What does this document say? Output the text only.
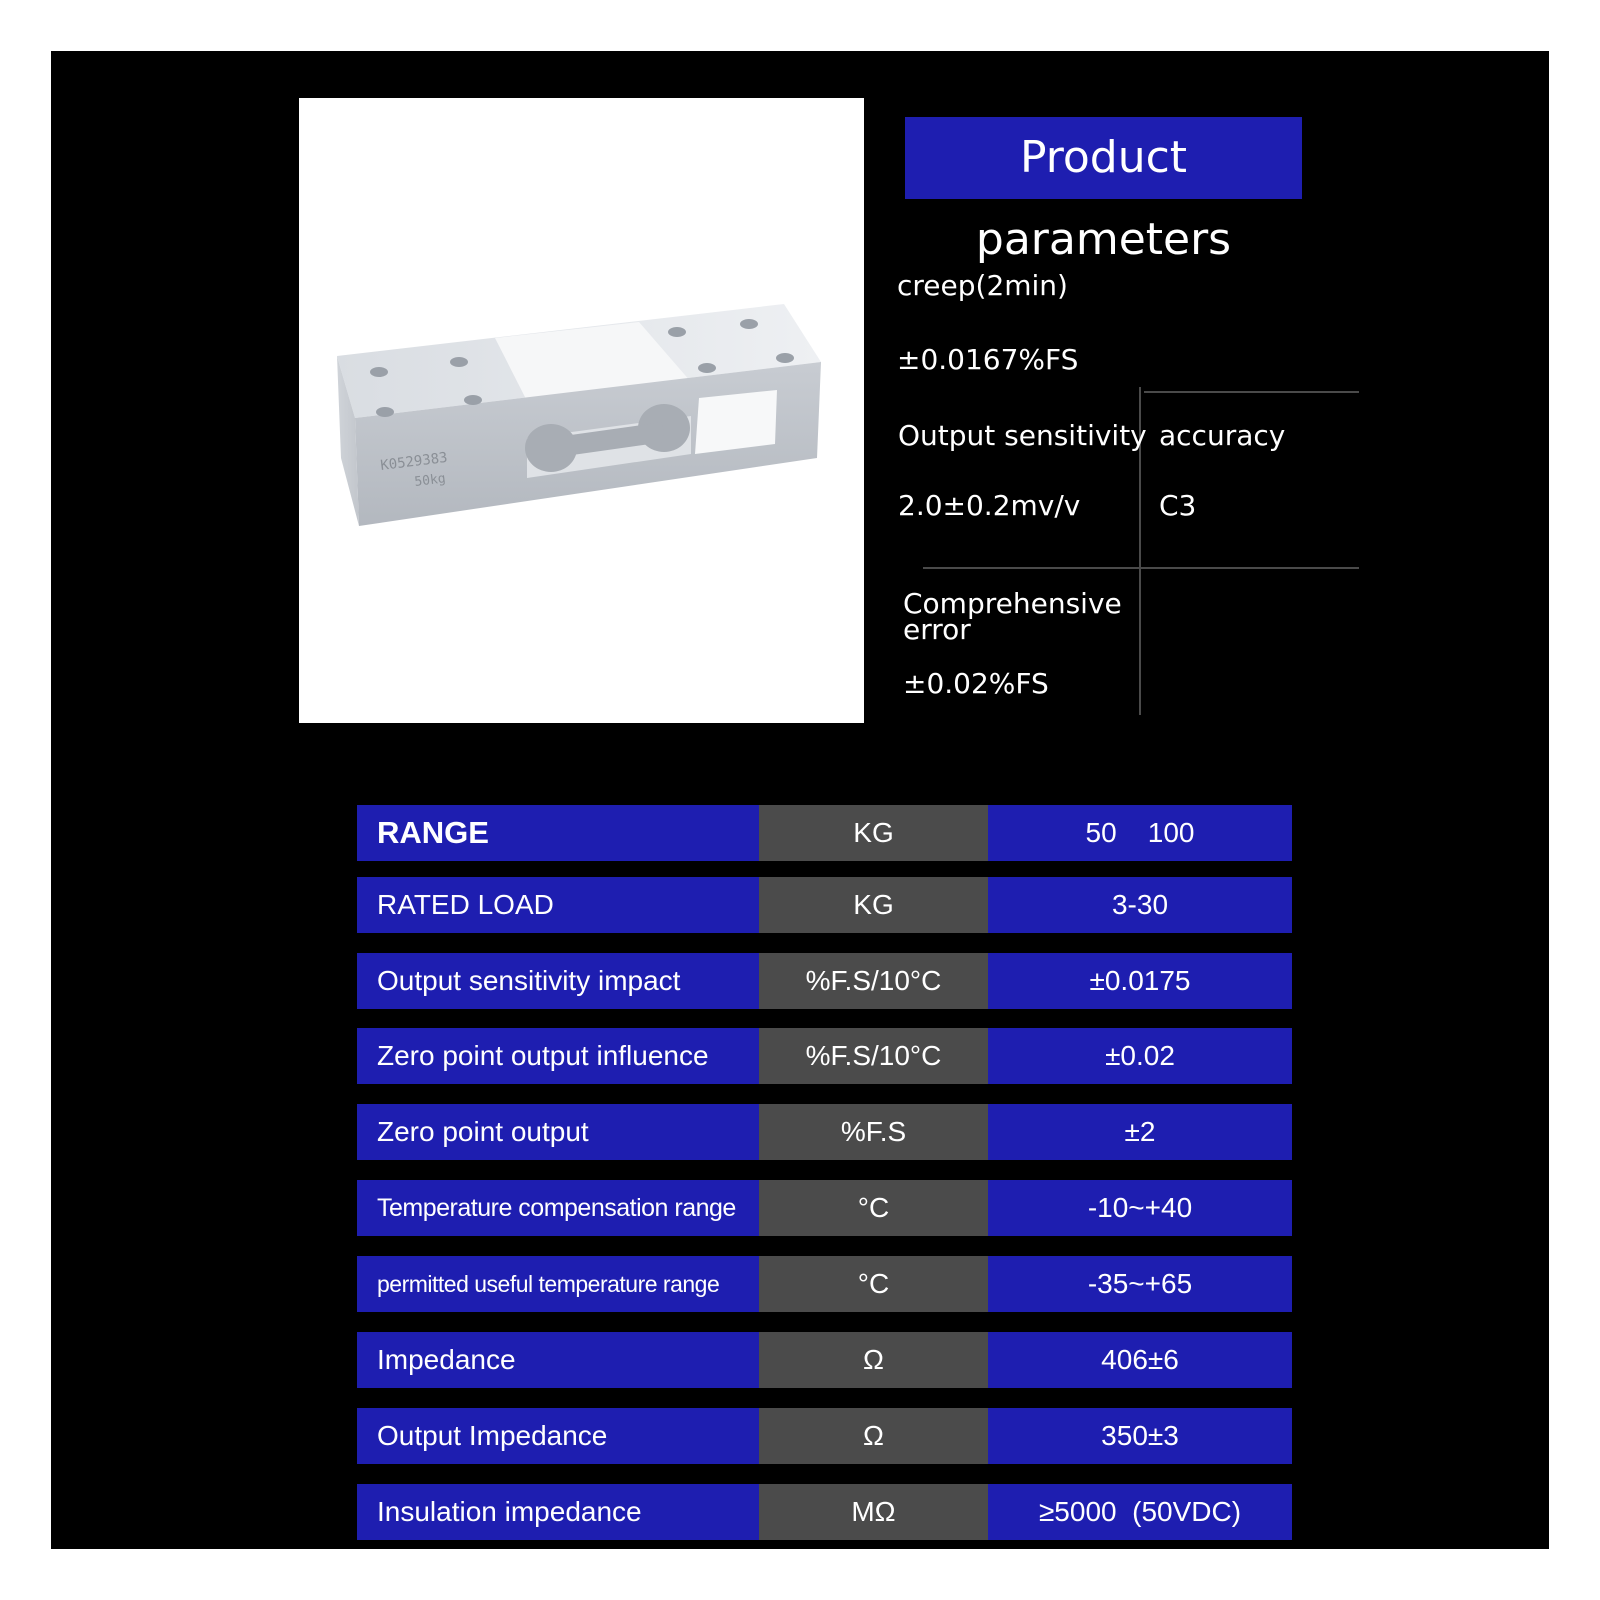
K0529383
50kg
Product parameters
creep(2min)
±0.0167%FS
Output sensitivity
2.0±0.2mv/v
accuracy
C3
Comprehensive error
±0.02%FS
RANGE	KG	50    100
RATED LOAD	KG	3-30
Output sensitivity impact	%F.S/10°C	±0.0175
Zero point output influence	%F.S/10°C	±0.02
Zero point output	%F.S	±2
Temperature compensation range	°C	-10~+40
permitted useful temperature range	°C	-35~+65
Impedance	Ω	406±6
Output Impedance	Ω	350±3
Insulation impedance	MΩ	≥5000  (50VDC)
